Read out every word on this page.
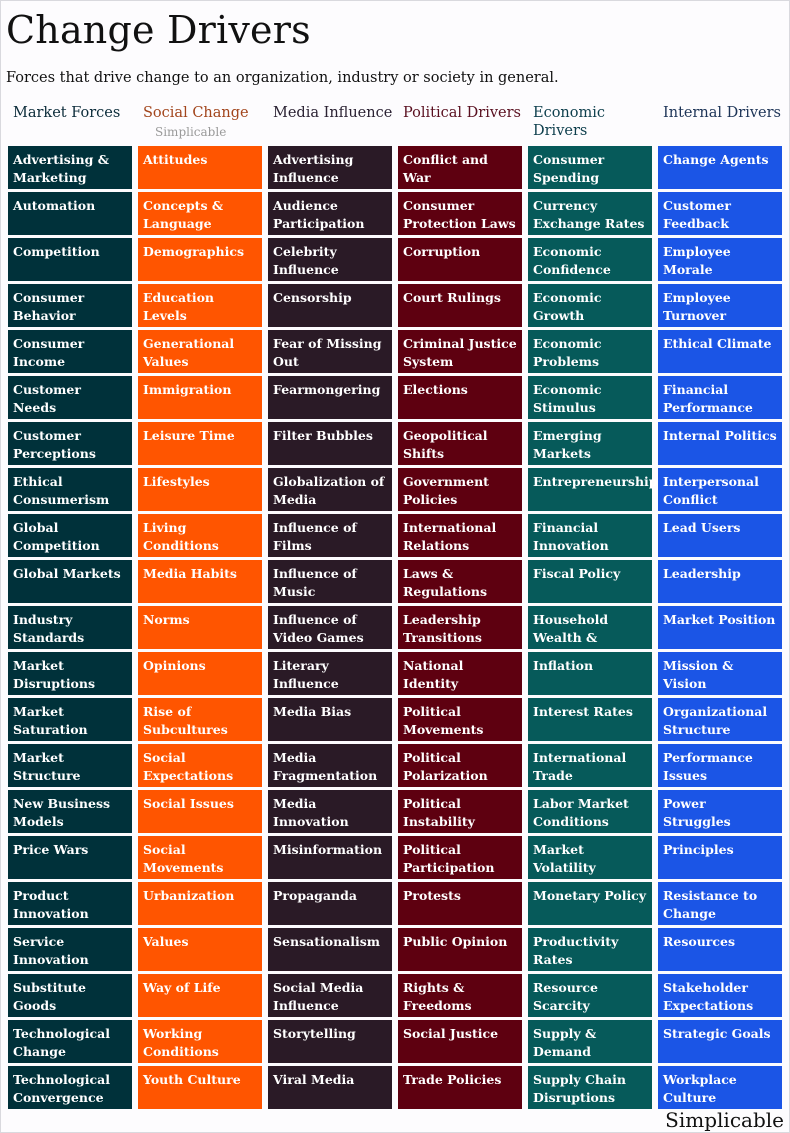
Change Drivers
Forces that drive change to an organization, industry or society in general.
Market Forces
Advertising & Marketing
Automation
Competition
Consumer Behavior
Consumer Income
Customer Needs
Customer Perceptions
Ethical Consumerism
Global Competition
Global Markets
Industry Standards
Market Disruptions
Market Saturation
Market Structure
New Business Models
Price Wars
Product Innovation
Service Innovation
Substitute Goods
Technological Change
Technological Convergence
Social Change
Simplicable
Attitudes
Concepts & Language
Demographics
Education Levels
Generational Values
Immigration
Leisure Time
Lifestyles
Living Conditions
Media Habits
Norms
Opinions
Rise of Subcultures
Social Expectations
Social Issues
Social Movements
Urbanization
Values
Way of Life
Working Conditions
Youth Culture
Media Influence
Advertising Influence
Audience Participation
Celebrity Influence
Censorship
Fear of Missing Out
Fearmongering
Filter Bubbles
Globalization of Media
Influence of Films
Influence of Music
Influence of Video Games
Literary Influence
Media Bias
Media Fragmentation
Media Innovation
Misinformation
Propaganda
Sensationalism
Social Media Influence
Storytelling
Viral Media
Political Drivers
Conflict and War
Consumer Protection Laws
Corruption
Court Rulings
Criminal Justice System
Elections
Geopolitical Shifts
Government Policies
International Relations
Laws & Regulations
Leadership Transitions
National Identity
Political Movements
Political Polarization
Political Instability
Political Participation
Protests
Public Opinion
Rights & Freedoms
Social Justice
Trade Policies
Economic Drivers
Consumer Spending
Currency Exchange Rates
Economic Confidence
Economic Growth
Economic Problems
Economic Stimulus
Emerging Markets
Entrepreneurship
Financial Innovation
Fiscal Policy
Household Wealth &
Inflation
Interest Rates
International Trade
Labor Market Conditions
Market Volatility
Monetary Policy
Productivity Rates
Resource Scarcity
Supply & Demand
Supply Chain Disruptions
Internal Drivers
Change Agents
Customer Feedback
Employee Morale
Employee Turnover
Ethical Climate
Financial Performance
Internal Politics
Interpersonal Conflict
Lead Users
Leadership
Market Position
Mission & Vision
Organizational Structure
Performance Issues
Power Struggles
Principles
Resistance to Change
Resources
Stakeholder Expectations
Strategic Goals
Workplace Culture
Simplicable
